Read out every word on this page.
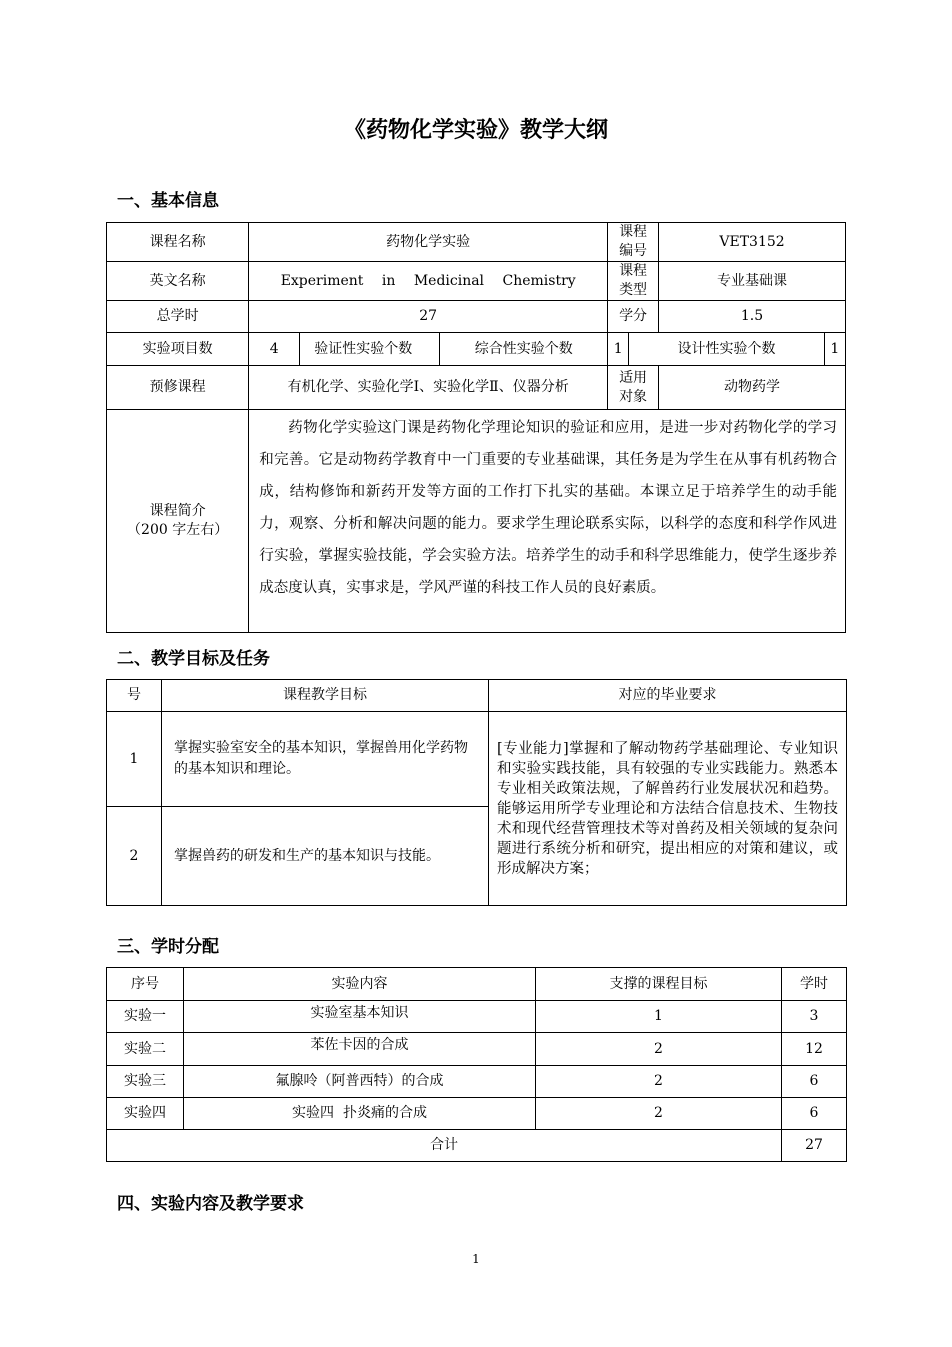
《药物化学实验》教学大纲
一、基本信息
课程名称	药物化学实验			课程编号		VET3152	
英文名称	Experiment in Medicinal Chemistry			课程类型		专业基础课	
总学时	27			学分		1.5	
实验项目数	4	验证性实验个数	综合性实验个数	1	设计性实验个数		1
预修课程	有机化学、实验化学Ⅰ、实验化学Ⅱ、仪器分析			适用对象		动物药学	

课程简介
（200 字左右）	药物化学实验这门课是药物化学理论知识的验证和应用，是进一步对药物化学的学习和完善。它是动物药学教育中一门重要的专业基础课，其任务是为学生在从事有机药物合成，结构修饰和新药开发等方面的工作打下扎实的基础。本课立足于培养学生的动手能力，观察、分析和解决问题的能力。要求学生理论联系实际，以科学的态度和科学作风进行实验，掌握实验技能，学会实验方法。培养学生的动手和科学思维能力，使学生逐步养成态度认真，实事求是，学风严谨的科技工作人员的良好素质。						
二、教学目标及任务
号	课程教学目标	对应的毕业要求
1	掌握实验室安全的基本知识，掌握兽用化学药物的基本知识和理论。	[专业能力]掌握和了解动物药学基础理论、专业知识和实验实践技能，具有较强的专业实践能力。熟悉本专业相关政策法规，了解兽药行业发展状况和趋势。能够运用所学专业理论和方法结合信息技术、生物技术和现代经营管理技术等对兽药及相关领域的复杂问题进行系统分析和研究，提出相应的对策和建议，或形成解决方案；
2	掌握兽药的研发和生产的基本知识与技能。	
三、学时分配
序号	实验内容	支撑的课程目标	学时
实验一	实验室基本知识	1	3
实验二	苯佐卡因的合成	2	12
实验三	氟腺呤（阿普西特）的合成	2	6
实验四	实验四  扑炎痛的合成	2	6
合计			27
四、实验内容及教学要求
1
